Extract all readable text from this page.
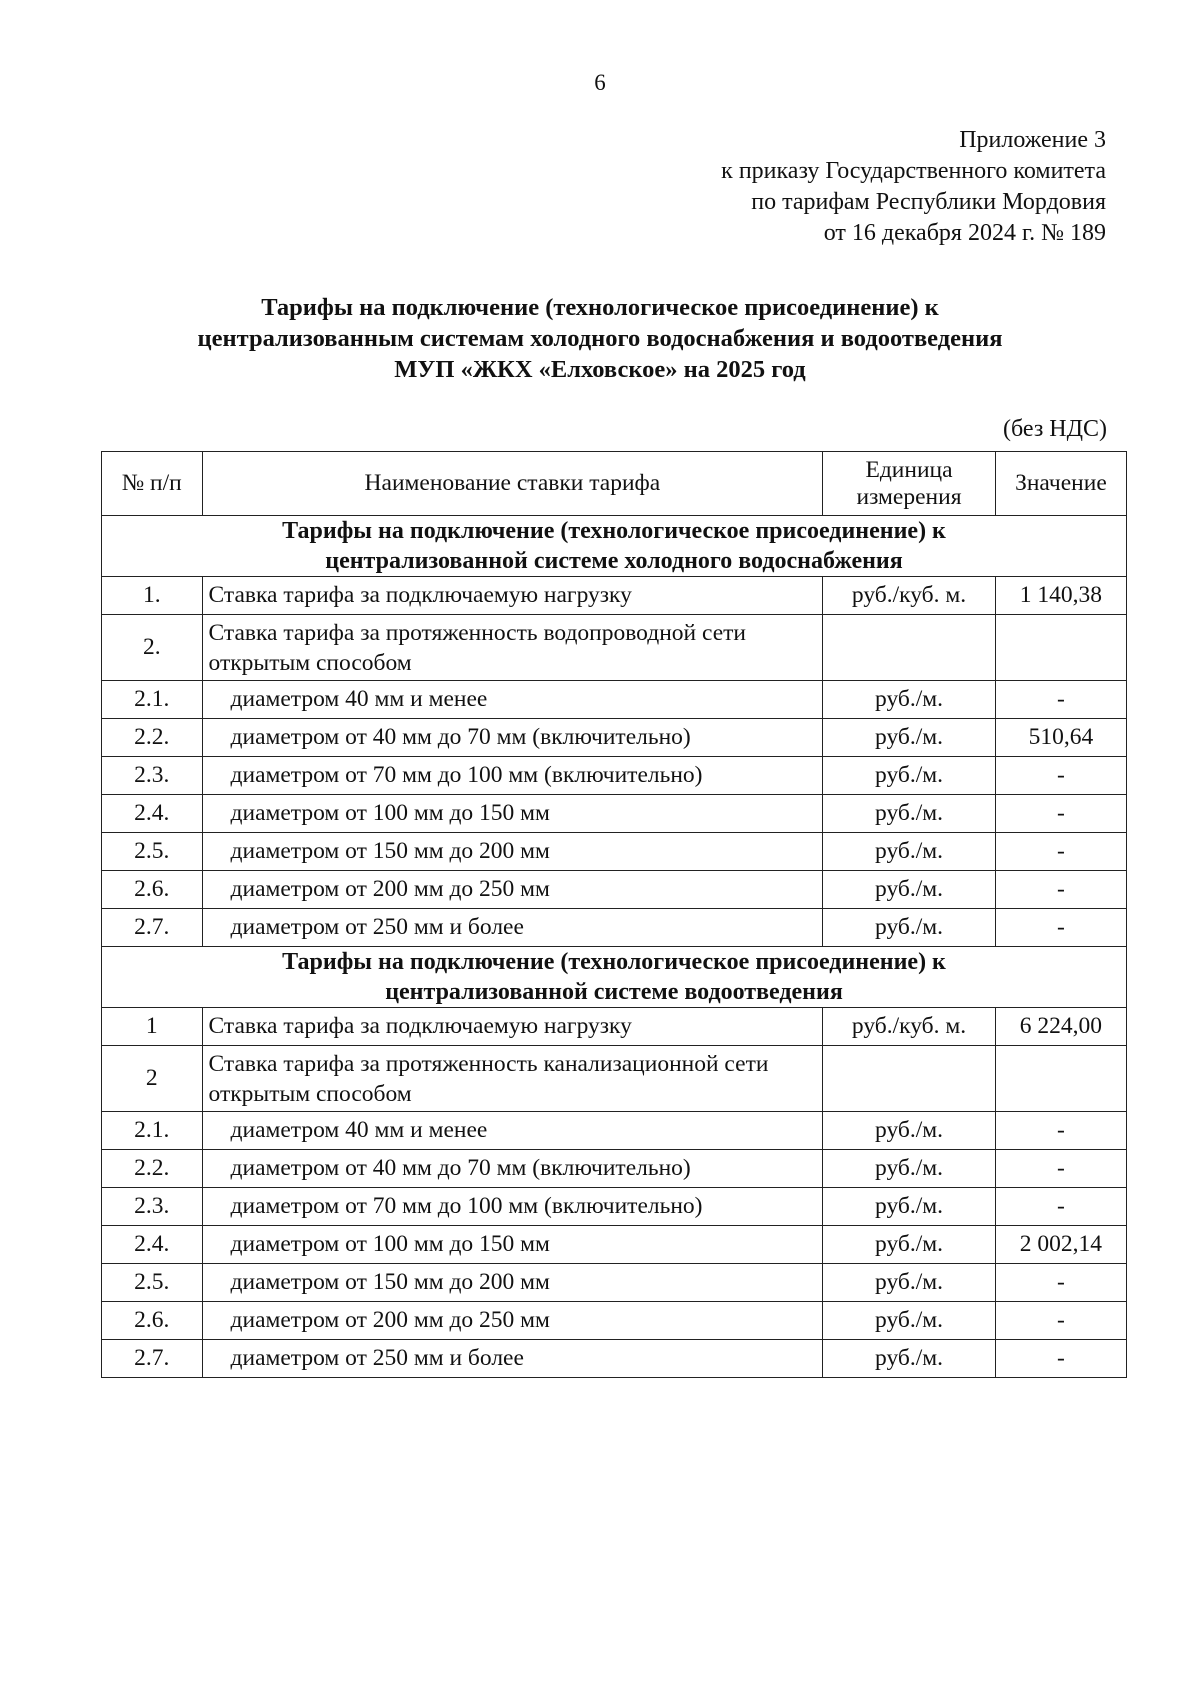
6
Приложение 3
к приказу Государственного комитета
по тарифам Республики Мордовия
от 16 декабря 2024 г. № 189
Тарифы на подключение (технологическое присоединение) к
централизованным системам холодного водоснабжения и водоотведения
МУП «ЖКХ «Елховское» на 2025 год
(без НДС)
№ п/п	Наименование ставки тарифа	Единица измерения	Значение

Тарифы на подключение (технологическое присоединение) к
централизованной системе холодного водоснабжения			

1.	Ставка тарифа за подключаемую нагрузку	руб./куб. м.	1 140,38
2.	Ставка тарифа за протяженность водопроводной сети открытым способом		
2.1.	диаметром 40 мм и менее	руб./м.	-
2.2.	диаметром от 40 мм до 70 мм (включительно)	руб./м.	510,64
2.3.	диаметром от 70 мм до 100 мм (включительно)	руб./м.	-
2.4.	диаметром от 100 мм до 150 мм	руб./м.	-
2.5.	диаметром от 150 мм до 200 мм	руб./м.	-
2.6.	диаметром от 200 мм до 250 мм	руб./м.	-
2.7.	диаметром от 250 мм и более	руб./м.	-

Тарифы на подключение (технологическое присоединение) к
централизованной системе водоотведения			

1	Ставка тарифа за подключаемую нагрузку	руб./куб. м.	6 224,00
2	Ставка тарифа за протяженность канализационной сети открытым способом		
2.1.	диаметром 40 мм и менее	руб./м.	-
2.2.	диаметром от 40 мм до 70 мм (включительно)	руб./м.	-
2.3.	диаметром от 70 мм до 100 мм (включительно)	руб./м.	-
2.4.	диаметром от 100 мм до 150 мм	руб./м.	2 002,14
2.5.	диаметром от 150 мм до 200 мм	руб./м.	-
2.6.	диаметром от 200 мм до 250 мм	руб./м.	-
2.7.	диаметром от 250 мм и более	руб./м.	-
